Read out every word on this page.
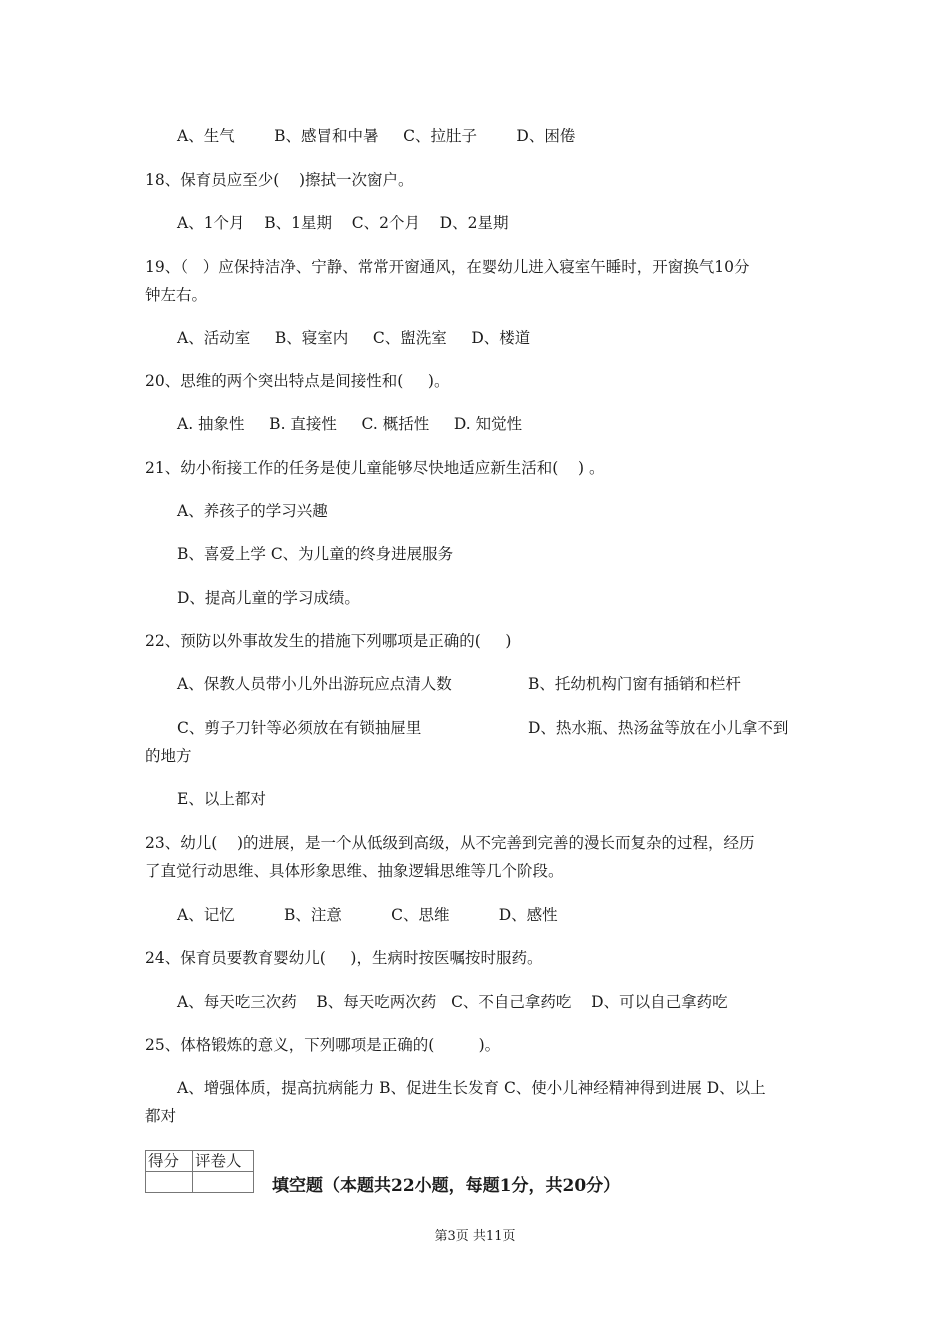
A、生气        B、感冒和中暑     C、拉肚子        D、困倦
18、保育员应至少(    )擦拭一次窗户。
A、1个月    B、1星期    C、2个月    D、2星期
19、（   ）应保持洁净、宁静、常常开窗通风，在婴幼儿进入寝室午睡时，开窗换气10分
钟左右。
A、活动室     B、寝室内     C、盥洗室     D、楼道
20、思维的两个突出特点是间接性和(     )。
A. 抽象性     B. 直接性     C. 概括性     D. 知觉性
21、幼小衔接工作的任务是使儿童能够尽快地适应新生活和(    ) 。
A、养孩子的学习兴趣
B、喜爱上学 C、为儿童的终身进展服务
D、提高儿童的学习成绩。
22、预防以外事故发生的措施下列哪项是正确的(     )
A、保教人员带小儿外出游玩应点清人数	B、托幼机构门窗有插销和栏杆
C、剪子刀针等必须放在有锁抽屉里	D、热水瓶、热汤盆等放在小儿拿不到
的地方
E、以上都对
23、幼儿(    )的进展，是一个从低级到高级，从不完善到完善的漫长而复杂的过程，经历
了直觉行动思维、具体形象思维、抽象逻辑思维等几个阶段。
A、记忆          B、注意          C、思维          D、感性
24、保育员要教育婴幼儿(     )，生病时按医嘱按时服药。
A、每天吃三次药    B、每天吃两次药   C、不自己拿药吃    D、可以自己拿药吃
25、体格锻炼的意义，下列哪项是正确的(         )。
A、增强体质，提高抗病能力 B、促进生长发育 C、使小儿神经精神得到进展 D、以上
都对
得分	评卷人

填空题（本题共22小题，每题1分，共20分）
第3页 共11页
